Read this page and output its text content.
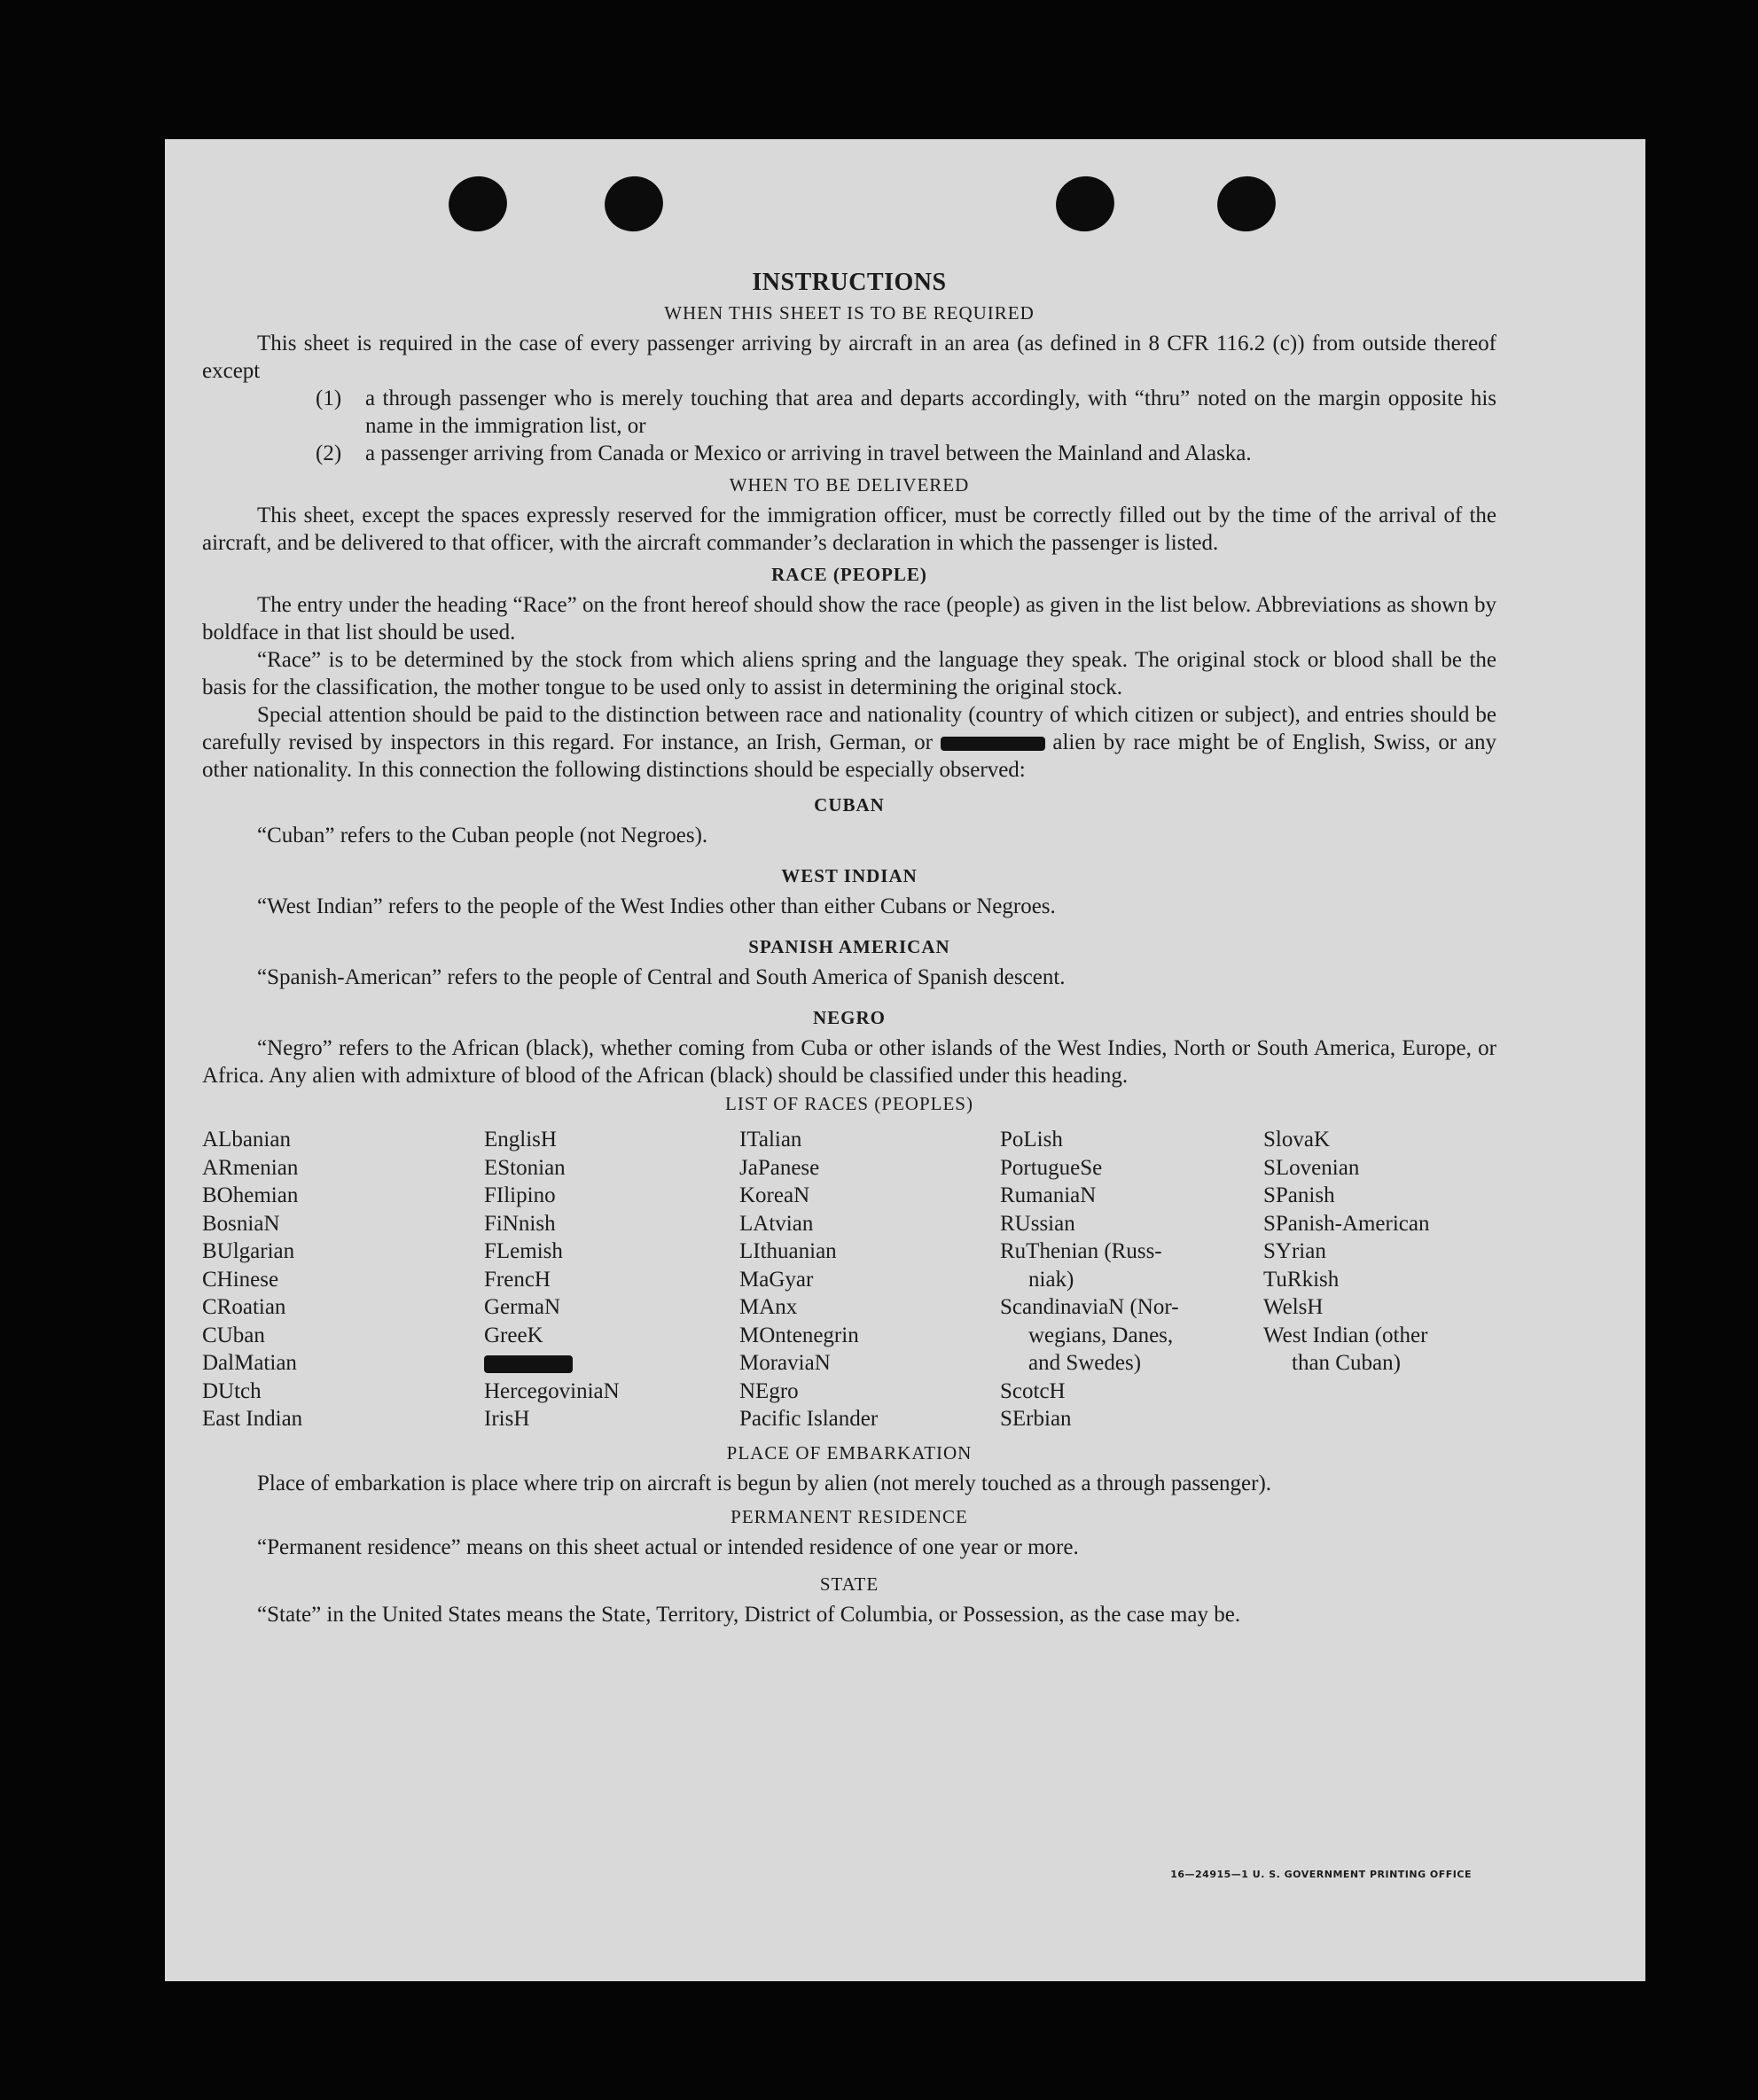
INSTRUCTIONS
WHEN THIS SHEET IS TO BE REQUIRED

This sheet is required in the case of every passenger arriving by aircraft in an area (as defined in 8 CFR 116.2 (c)) from outside thereof except

(1)	a through passenger who is merely touching that area and departs accordingly, with “thru” noted on the margin opposite his name in the immigration list, or
(2)	a passenger arriving from Canada or Mexico or arriving in travel between the Mainland and Alaska.
WHEN TO BE DELIVERED

This sheet, except the spaces expressly reserved for the immigration officer, must be correctly filled out by the time of the arrival of the aircraft, and be delivered to that officer, with the aircraft commander’s declaration in which the passenger is listed.

RACE (PEOPLE)

The entry under the heading “Race” on the front hereof should show the race (people) as given in the list below. Abbreviations as shown by boldface in that list should be used.

“Race” is to be determined by the stock from which aliens spring and the language they speak. The original stock or blood shall be the basis for the classification, the mother tongue to be used only to assist in determining the original stock.

Special attention should be paid to the distinction between race and nationality (country of which citizen or subject), and entries should be carefully revised by inspectors in this regard. For instance, an Irish, German, or	alien by race might be of English, Swiss, or any other nationality. In this connection the following distinctions should be especially observed:

CUBAN

“Cuban” refers to the Cuban people (not Negroes).

WEST INDIAN

“West Indian” refers to the people of the West Indies other than either Cubans or Negroes.

SPANISH AMERICAN

“Spanish-American” refers to the people of Central and South America of Spanish descent.

NEGRO

“Negro” refers to the African (black), whether coming from Cuba or other islands of the West Indies, North or South America, Europe, or Africa. Any alien with admixture of blood of the African (black) should be classified under this heading.

LIST OF RACES (PEOPLES)
ALbanian
ARmenian
BOhemian
BosniaN
BUlgarian
CHinese
CRoatian
CUban
DalMatian
DUtch
East Indian
EnglisH
EStonian
FIlipino
FiNnish
FLemish
FrencH
GermaN
GreeK
HercegoviniaN
IrisH
ITalian
JaPanese
KoreaN
LAtvian
LIthuanian
MaGyar
MAnx
MOntenegrin
MoraviaN
NEgro
Pacific Islander
PoLish
PortugueSe
RumaniaN
RUssian
RuThenian (Russ-
niak)
ScandinaviaN (Nor-
wegians, Danes,
and Swedes)
ScotcH
SErbian
SlovaK
SLovenian
SPanish
SPanish-American
SYrian
TuRkish
WelsH
West Indian (other
than Cuban)
PLACE OF EMBARKATION

Place of embarkation is place where trip on aircraft is begun by alien (not merely touched as a through passenger).

PERMANENT RESIDENCE

“Permanent residence” means on this sheet actual or intended residence of one year or more.

STATE

“State” in the United States means the State, Territory, District of Columbia, or Possession, as the case may be.

16—24915—1 U. S. GOVERNMENT PRINTING OFFICE
